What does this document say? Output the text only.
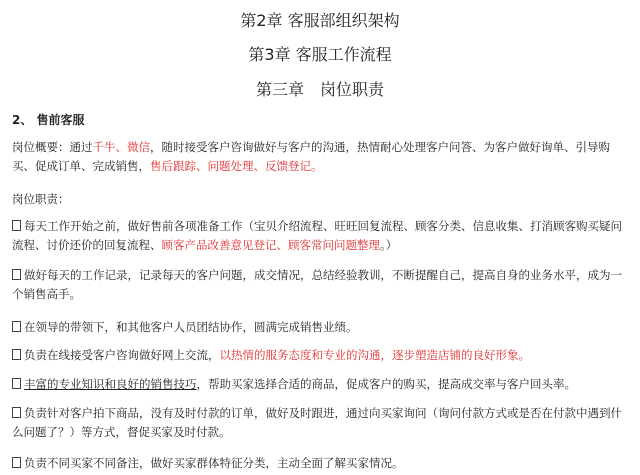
第2章 客服部组织架构
第3章 客服工作流程
第三章　岗位职责
2、 售前客服
岗位概要：通过千牛、微信，随时接受客户咨询做好与客户的沟通，热情耐心处理客户问答、为客户做好询单、引导购买、促成订单、完成销售，售后跟踪、问题处理、反馈登记。
岗位职责：
每天工作开始之前，做好售前各项准备工作（宝贝介绍流程、旺旺回复流程、顾客分类、信息收集、打消顾客购买疑问流程、讨价还价的回复流程、顾客产品改善意见登记、顾客常问问题整理。）
做好每天的工作记录，记录每天的客户问题，成交情况，总结经验教训，不断提醒自己，提高自身的业务水平，成为一个销售高手。
在领导的带领下，和其他客户人员团结协作，圆满完成销售业绩。
负责在线接受客户咨询做好网上交流，以热情的服务态度和专业的沟通，逐步塑造店铺的良好形象。
丰富的专业知识和良好的销售技巧，帮助买家选择合适的商品，促成客户的购买，提高成交率与客户回头率。
负责针对客户拍下商品，没有及时付款的订单，做好及时跟进，通过向买家询问（询问付款方式或是否在付款中遇到什么问题了？）等方式，督促买家及时付款。
负责不同买家不同备注，做好买家群体特征分类，主动全面了解买家情况。
